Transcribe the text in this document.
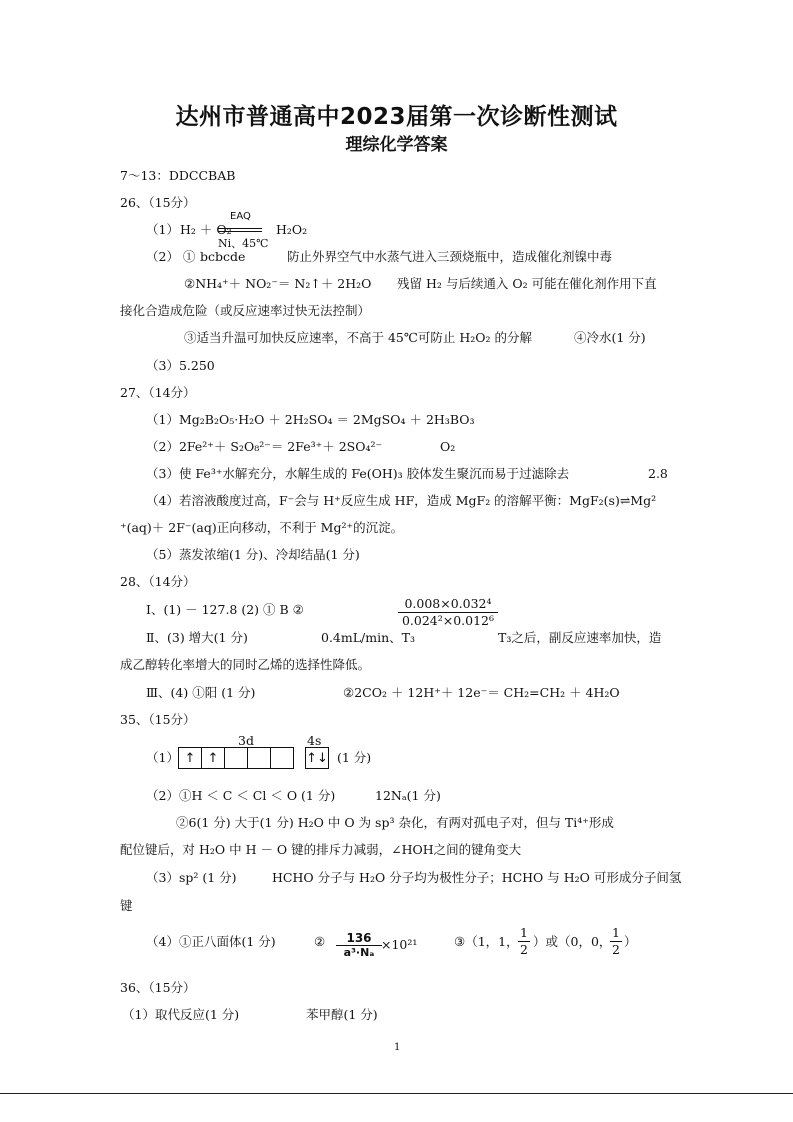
达州市普通高中2023届第一次诊断性测试
理综化学答案
7～13：DDCCBAB
26、（15分）
（1） H₂ ＋ O₂
EAQ
Ni、45℃
H₂O₂
（2） ① bcbcde	防止外界空气中水蒸气进入三颈烧瓶中，造成催化剂镍中毒
②NH₄⁺＋ NO₂⁻＝ N₂↑＋ 2H₂O 残留 H₂ 与后续通入 O₂ 可能在催化剂作用下直
接化合造成危险（或反应速率过快无法控制）
③适当升温可加快反应速率，不高于 45℃可防止 H₂O₂ 的分解	④冷水(1 分)
（3）5.250
27、（14分）
（1）Mg₂B₂O₅·H₂O ＋ 2H₂SO₄ ＝ 2MgSO₄ ＋ 2H₃BO₃
（2）2Fe²⁺＋ S₂O₈²⁻＝ 2Fe³⁺＋ 2SO₄²⁻	O₂
（3）使 Fe³⁺水解充分，水解生成的 Fe(OH)₃ 胶体发生聚沉而易于过滤除去	2.8
（4）若溶液酸度过高，F⁻会与 H⁺反应生成 HF，造成 MgF₂ 的溶解平衡：MgF₂(s)⇌Mg²
⁺(aq)＋ 2F⁻(aq)正向移动，不利于 Mg²⁺的沉淀。
（5）蒸发浓缩(1 分)、冷却结晶(1 分)
28、（14分）
Ⅰ、(1) － 127.8 (2) ① B ②	$\frac{\text{0.008×0.032⁴}}{\text{0.024²×0.012⁶}}$
Ⅱ、(3) 增大(1 分)	0.4mL/min、T₃	T₃之后，副反应速率加快，造
成乙醇转化率增大的同时乙烯的选择性降低。
Ⅲ、(4) ①阳 (1 分)	②2CO₂ ＋ 12H⁺＋ 12e⁻＝ CH₂=CH₂ ＋ 4H₂O
35、（15分）
（1）
3d	4s
↑ ↑	↑↓ (1 分)
（2）①H ＜ C ＜ Cl ＜ O (1 分)	12Nₐ(1 分)
②6(1 分) 大于(1 分) H₂O 中 O 为 sp³ 杂化，有两对孤电子对，但与 Ti⁴⁺形成
配位键后，对 H₂O 中 H － O 键的排斥力减弱，∠HOH之间的键角变大
（3）sp² (1 分)	HCHO 分子与 H₂O 分子均为极性分子；HCHO 与 H₂O 可形成分子间氢
键
（4）①正八面体(1 分)	② $\frac{136}{\text{a³·Nₐ}} \times 10^{21}$	③（1，1， $\frac{1}{2}$ ）或（0，0，
$\frac{1}{2}$ ）
36、（15分）
（1）取代反应(1 分)	苯甲醇(1 分)
1
